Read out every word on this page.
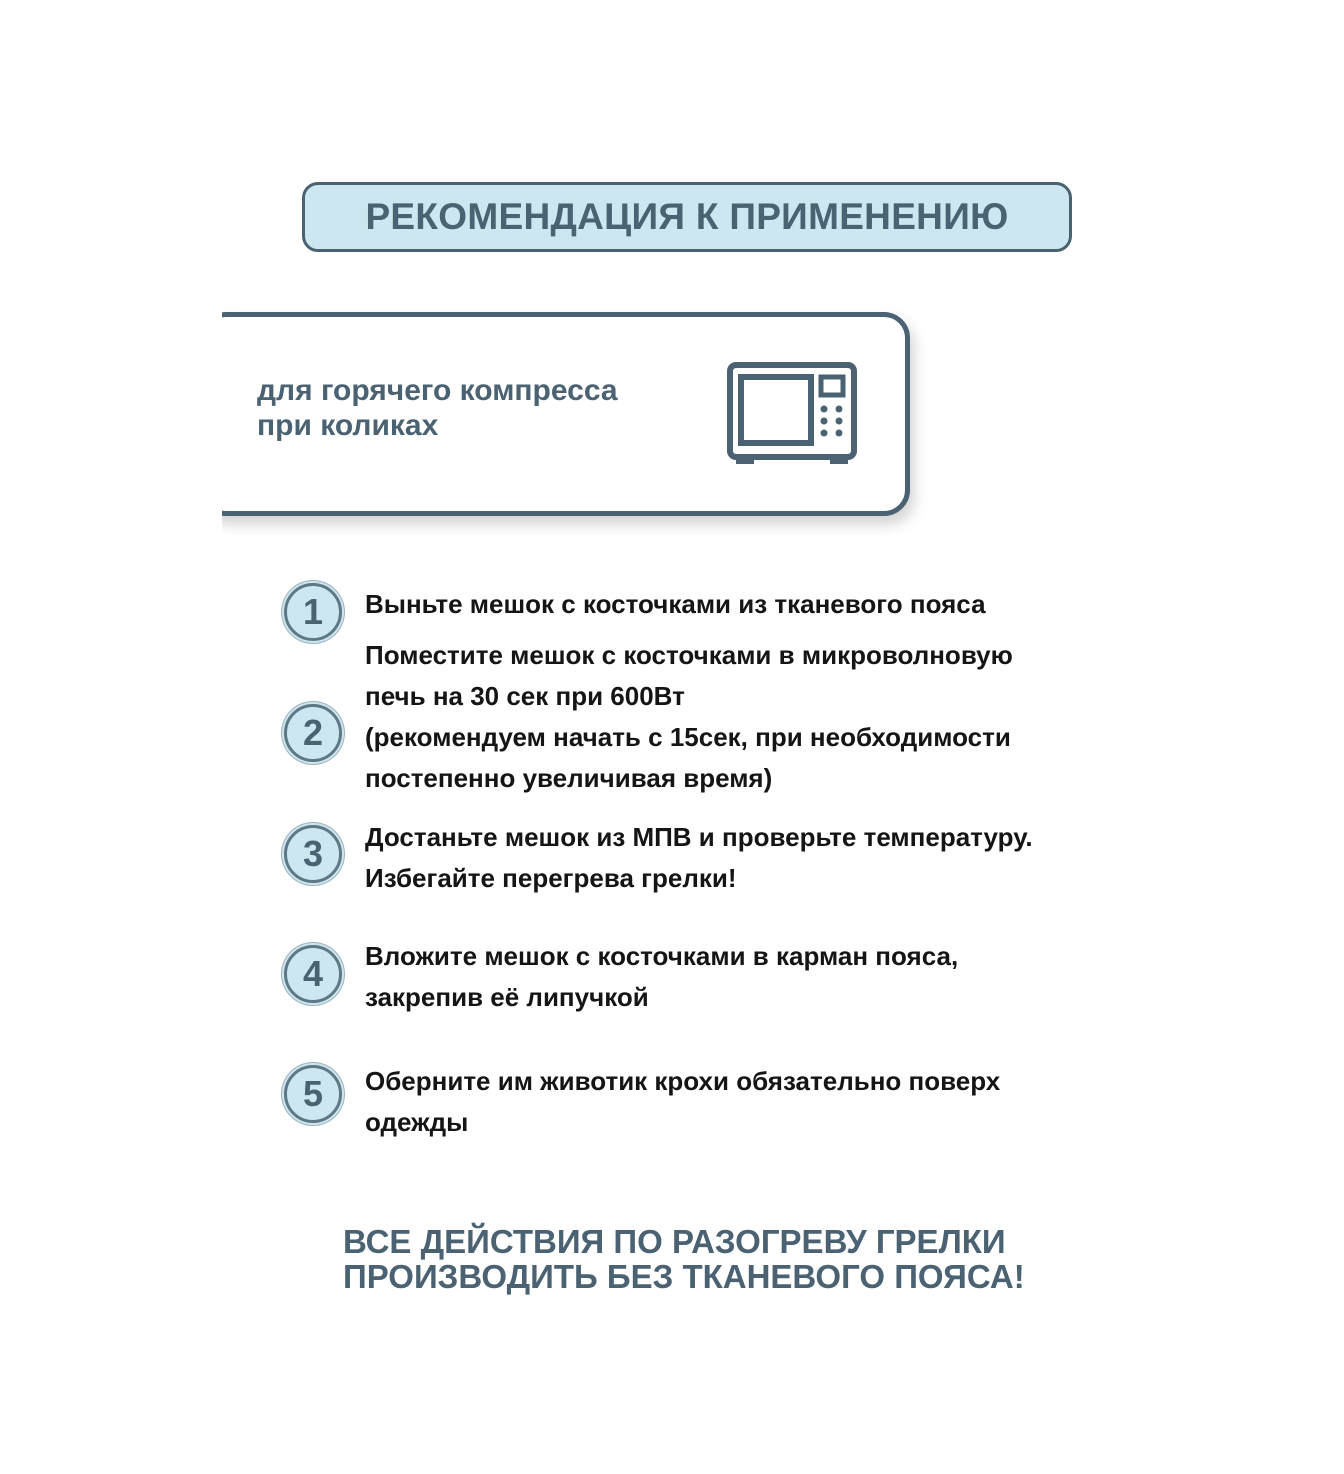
РЕКОМЕНДАЦИЯ К ПРИМЕНЕНИЮ
для горячего компресса
при коликах
1	Выньте мешок с косточками из тканевого пояса
2
Поместите мешок с косточками в микроволновую
печь на 30 сек при 600Вт
(рекомендуем начать с 15сек, при необходимости
постепенно увеличивая время)
3	Достаньте мешок из МПВ и проверьте температуру.
Избегайте перегрева грелки!
4	Вложите мешок с косточками в карман пояса,
закрепив её липучкой
5	Оберните им животик крохи обязательно поверх
одежды
ВСЕ ДЕЙСТВИЯ ПО РАЗОГРЕВУ ГРЕЛКИ
ПРОИЗВОДИТЬ БЕЗ ТКАНЕВОГО ПОЯСА!
